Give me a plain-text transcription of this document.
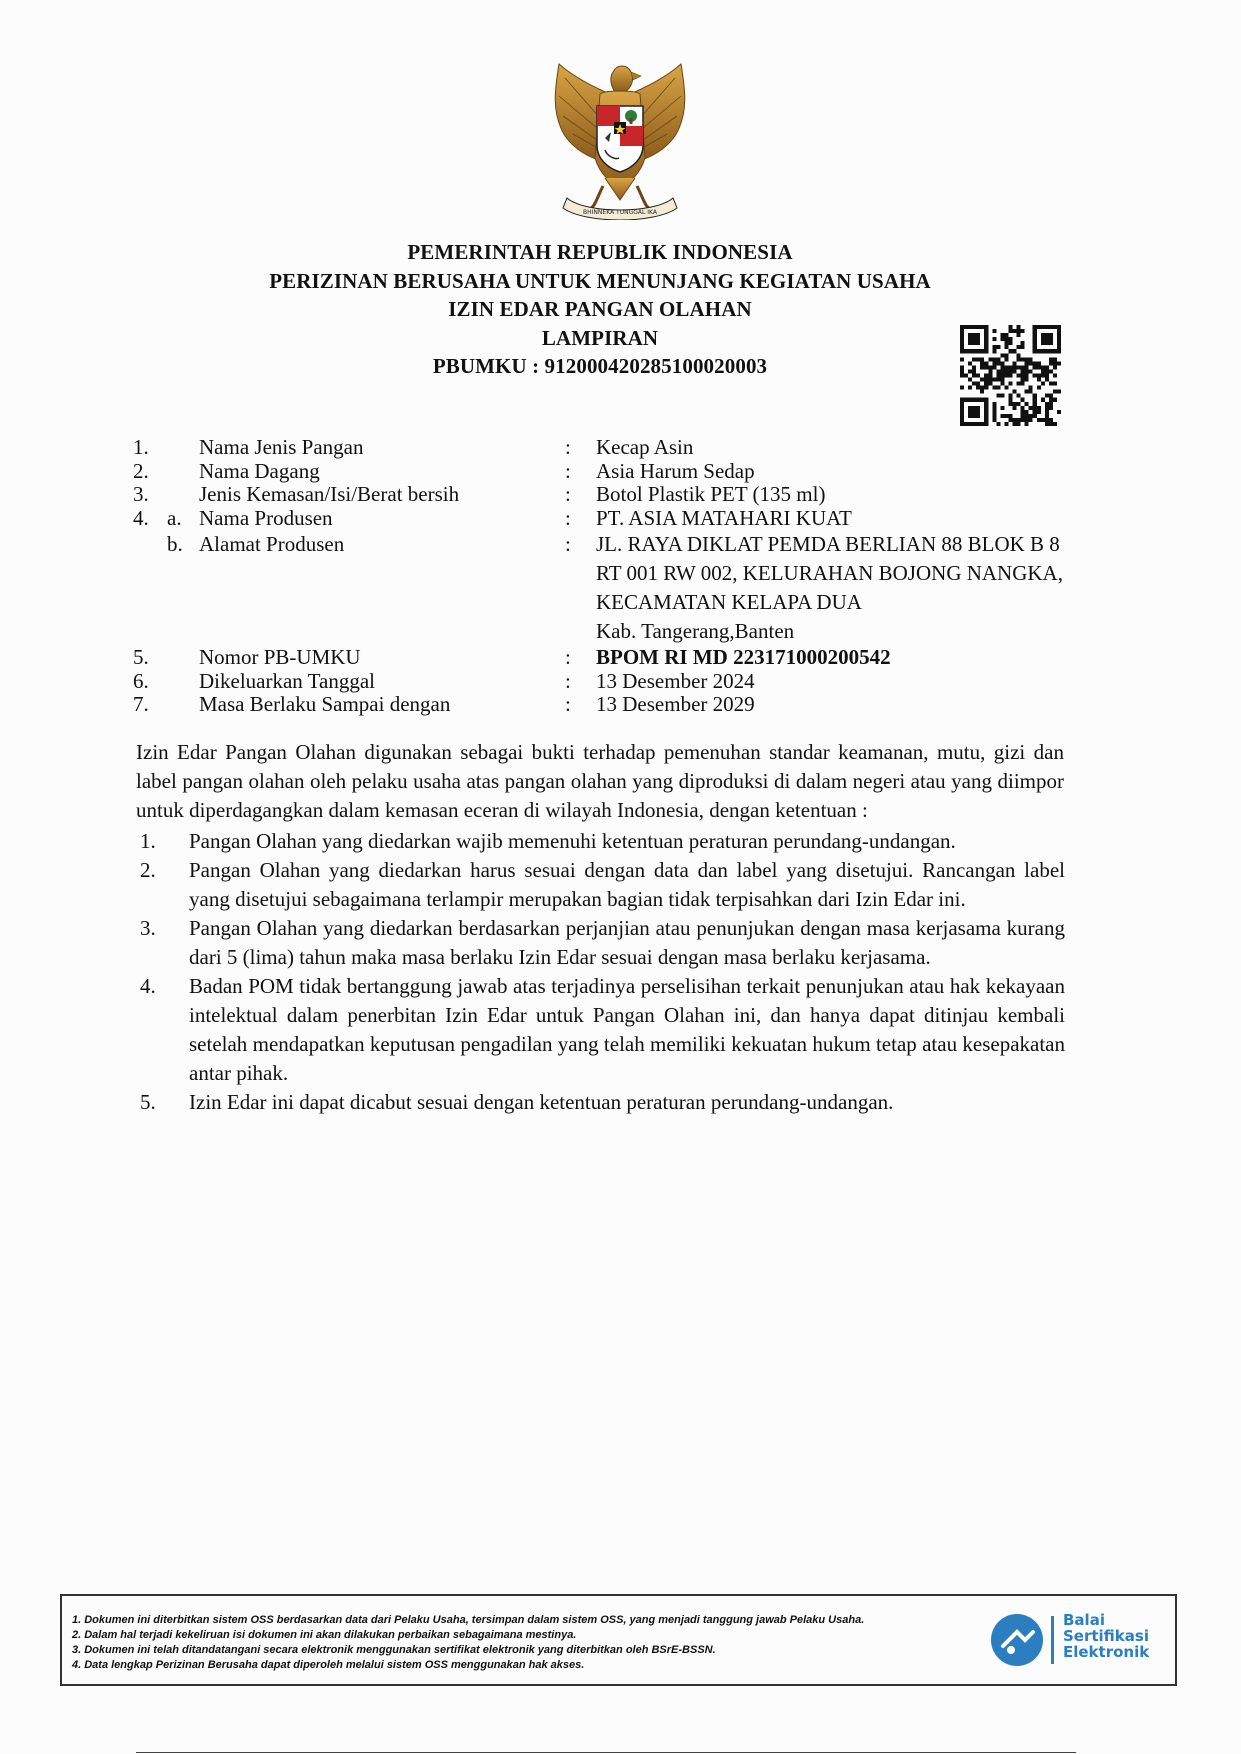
BHINNEKA TUNGGAL IKA
PEMERINTAH REPUBLIK INDONESIA
PERIZINAN BERUSAHA UNTUK MENUNJANG KEGIATAN USAHA
IZIN EDAR PANGAN OLAHAN
LAMPIRAN
PBUMKU : 912000420285100020003
1. Nama Jenis Pangan	: Kecap Asin
2. Nama Dagang	: Asia Harum Sedap
3. Jenis Kemasan/Isi/Berat bersih	: Botol Plastik PET (135 ml)
4. a. Nama Produsen	: PT. ASIA MATAHARI KUAT
b. Alamat Produsen	: JL. RAYA DIKLAT PEMDA BERLIAN 88 BLOK B 8
RT 001 RW 002, KELURAHAN BOJONG NANGKA,
KECAMATAN KELAPA DUA
Kab. Tangerang,Banten
5. Nomor PB-UMKU	: BPOM RI MD 223171000200542
6. Dikeluarkan Tanggal	: 13 Desember 2024
7. Masa Berlaku Sampai dengan	: 13 Desember 2029
Izin Edar Pangan Olahan digunakan sebagai bukti terhadap pemenuhan standar keamanan, mutu, gizi dan label pangan olahan oleh pelaku usaha atas pangan olahan yang diproduksi di dalam negeri atau yang diimpor untuk diperdagangkan dalam kemasan eceran di wilayah Indonesia, dengan ketentuan :
1. Pangan Olahan yang diedarkan wajib memenuhi ketentuan peraturan perundang-undangan.
2. Pangan Olahan yang diedarkan harus sesuai dengan data dan label yang disetujui. Rancangan label yang disetujui sebagaimana terlampir merupakan bagian tidak terpisahkan dari Izin Edar ini.
3. Pangan Olahan yang diedarkan berdasarkan perjanjian atau penunjukan dengan masa kerjasama kurang dari 5 (lima) tahun maka masa berlaku Izin Edar sesuai dengan masa berlaku kerjasama.
4. Badan POM tidak bertanggung jawab atas terjadinya perselisihan terkait penunjukan atau hak kekayaan intelektual dalam penerbitan Izin Edar untuk Pangan Olahan ini, dan hanya dapat ditinjau kembali setelah mendapatkan keputusan pengadilan yang telah memiliki kekuatan hukum tetap atau kesepakatan antar pihak.
5. Izin Edar ini dapat dicabut sesuai dengan ketentuan peraturan perundang-undangan.
1. Dokumen ini diterbitkan sistem OSS berdasarkan data dari Pelaku Usaha, tersimpan dalam sistem OSS, yang menjadi tanggung jawab Pelaku Usaha.
2. Dalam hal terjadi kekeliruan isi dokumen ini akan dilakukan perbaikan sebagaimana mestinya.
3. Dokumen ini telah ditandatangani secara elektronik menggunakan sertifikat elektronik yang diterbitkan oleh BSrE-BSSN.
4. Data lengkap Perizinan Berusaha dapat diperoleh melalui sistem OSS menggunakan hak akses.
Balai
Sertifikasi
Elektronik
